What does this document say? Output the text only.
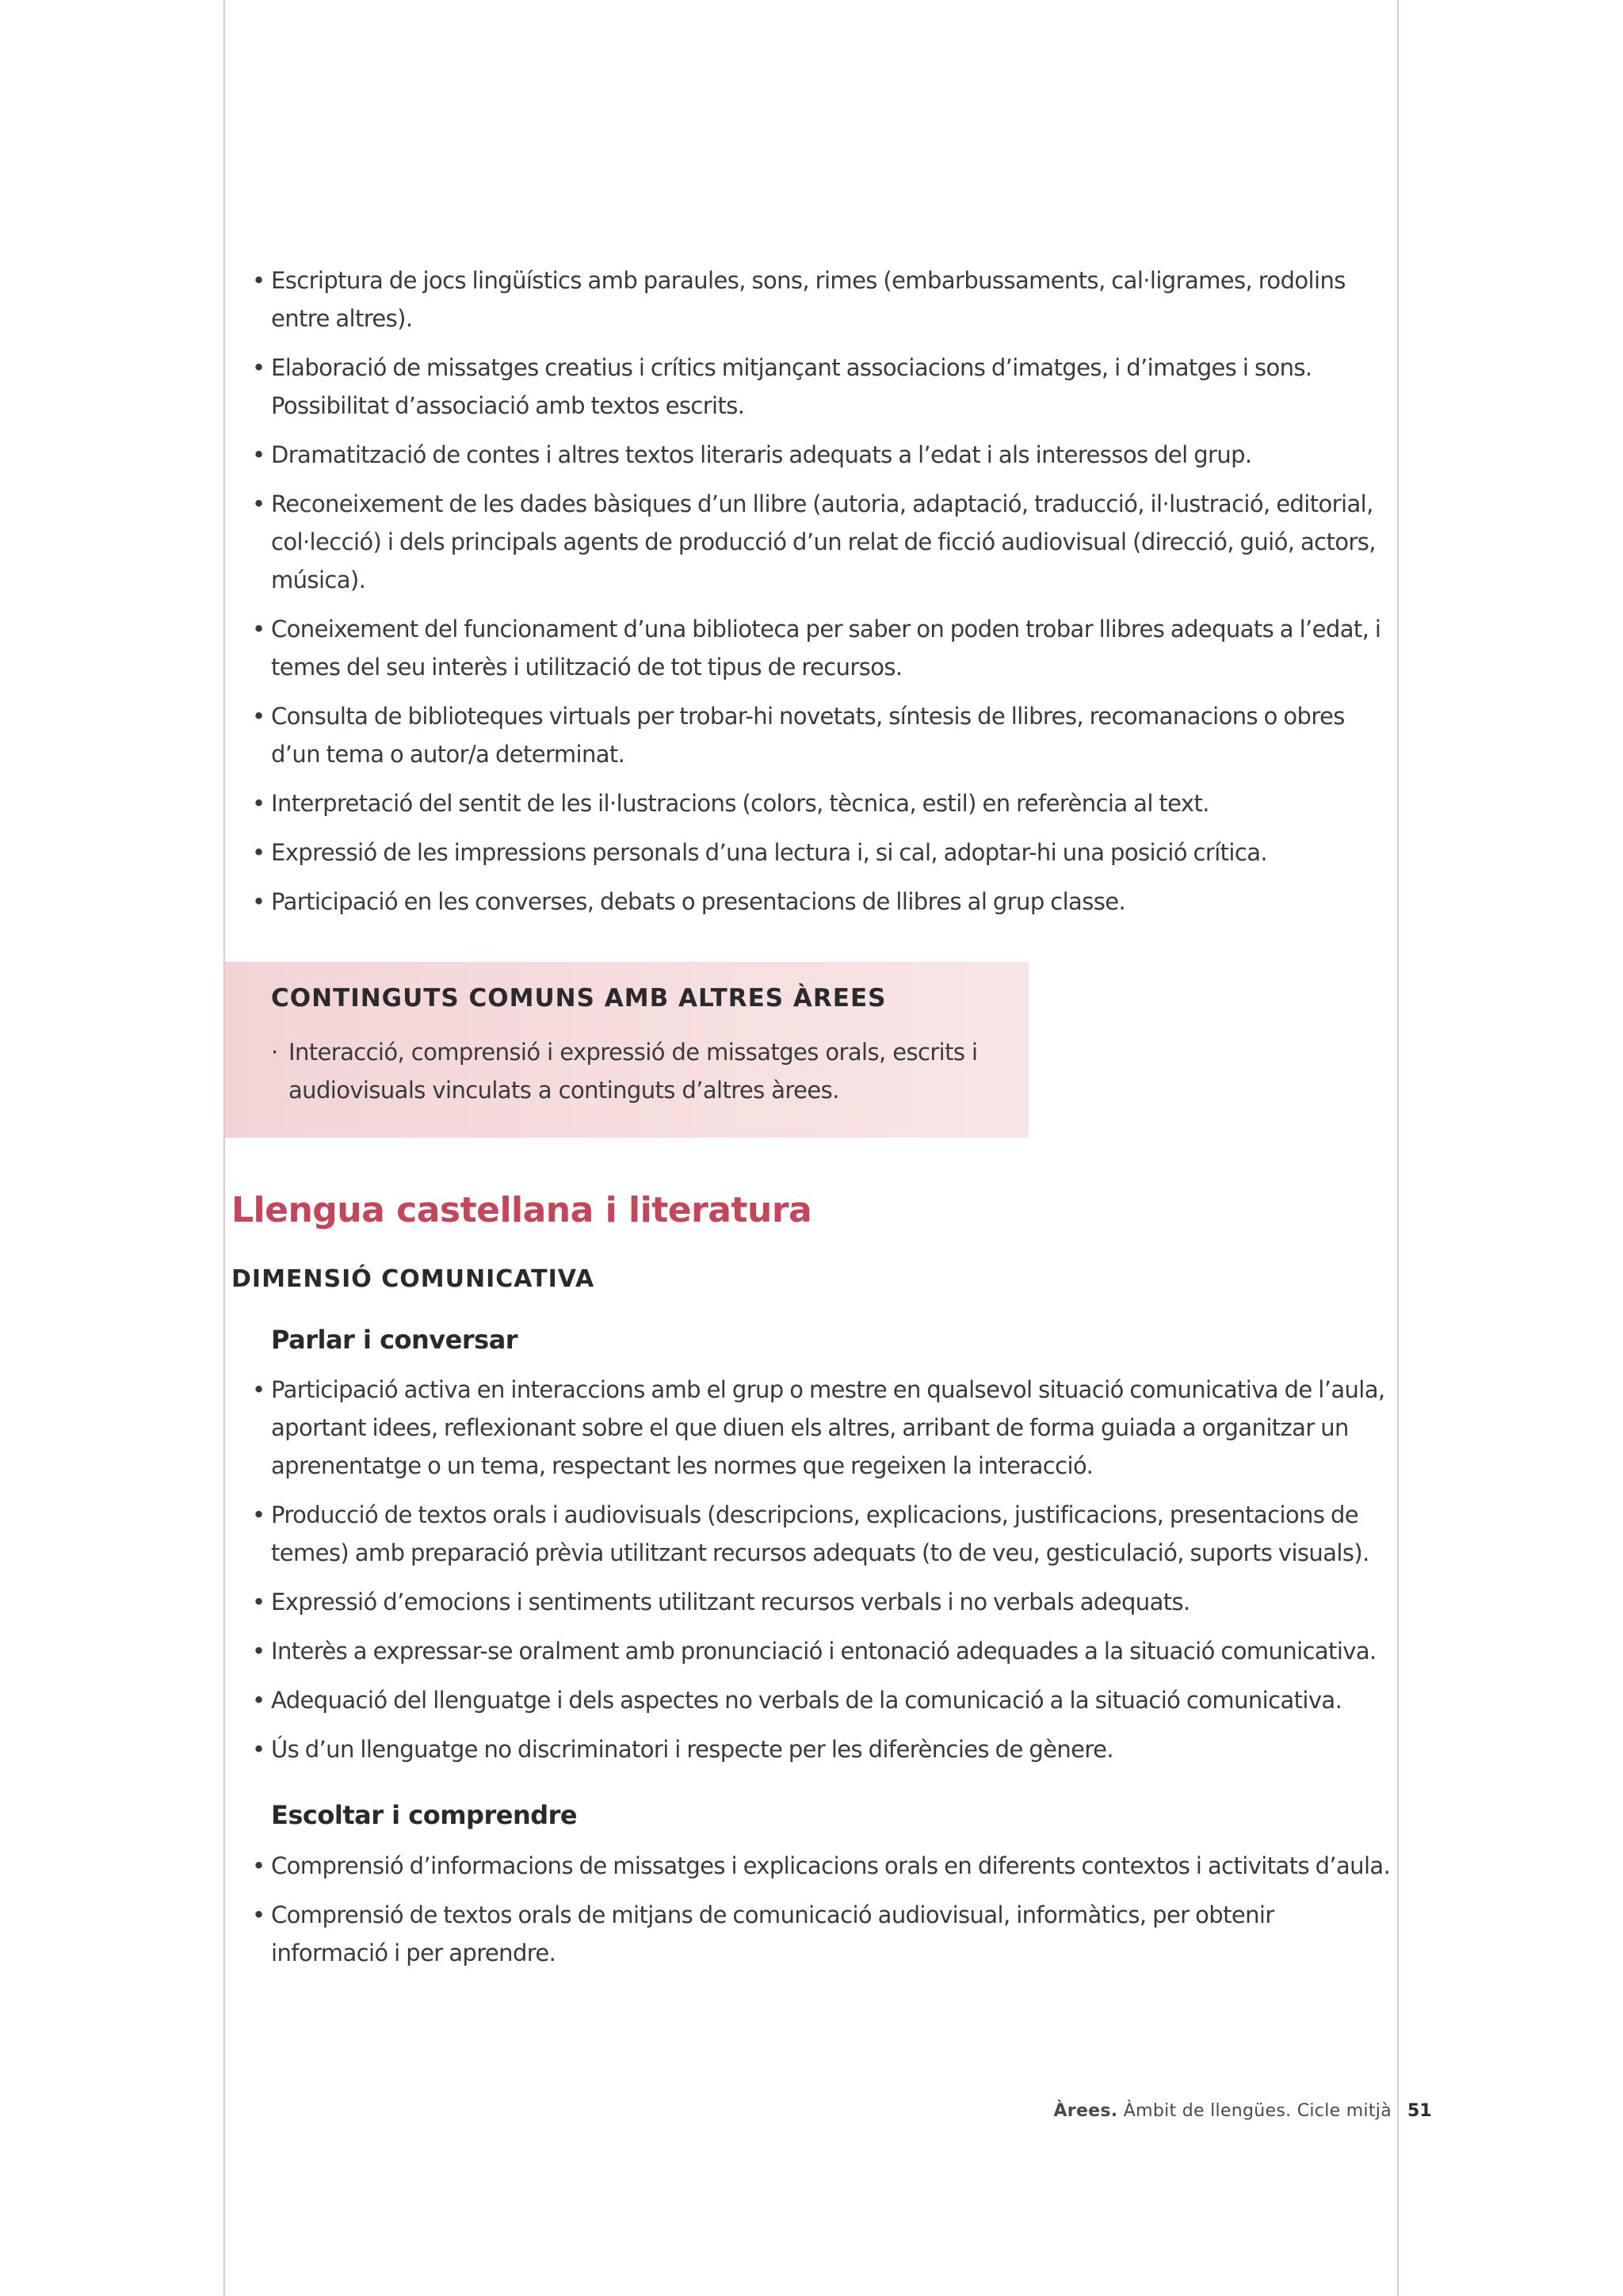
• Escriptura de jocs lingüístics amb paraules, sons, rimes (embarbussaments, cal·ligrames, rodolins entre altres).
• Elaboració de missatges creatius i crítics mitjançant associacions d’imatges, i d’imatges i sons. Possibilitat d’associació amb textos escrits.
• Dramatització de contes i altres textos literaris adequats a l’edat i als interessos del grup.
• Reconeixement de les dades bàsiques d’un llibre (autoria, adaptació, traducció, il·lustració, editorial, col·lecció) i dels principals agents de producció d’un relat de ficció audiovisual (direcció, guió, actors, música).
• Coneixement del funcionament d’una biblioteca per saber on poden trobar llibres adequats a l’edat, i temes del seu interès i utilització de tot tipus de recursos.
• Consulta de biblioteques virtuals per trobar-hi novetats, síntesis de llibres, recomanacions o obres d’un tema o autor/a determinat.
• Interpretació del sentit de les il·lustracions (colors, tècnica, estil) en referència al text.
• Expressió de les impressions personals d’una lectura i, si cal, adoptar-hi una posició crítica.
• Participació en les converses, debats o presentacions de llibres al grup classe.
CONTINGUTS COMUNS AMB ALTRES ÀREES
· Interacció, comprensió i expressió de missatges orals, escrits i audiovisuals vinculats a continguts d’altres àrees.
Llengua castellana i literatura
DIMENSIÓ COMUNICATIVA
Parlar i conversar
• Participació activa en interaccions amb el grup o mestre en qualsevol situació comunicativa de l’aula, aportant idees, reflexionant sobre el que diuen els altres, arribant de forma guiada a organitzar un aprenentatge o un tema, respectant les normes que regeixen la interacció.
• Producció de textos orals i audiovisuals (descripcions, explicacions, justificacions, presentacions de temes) amb preparació prèvia utilitzant recursos adequats (to de veu, gesticulació, suports visuals).
• Expressió d’emocions i sentiments utilitzant recursos verbals i no verbals adequats.
• Interès a expressar-se oralment amb pronunciació i entonació adequades a la situació comunicativa.
• Adequació del llenguatge i dels aspectes no verbals de la comunicació a la situació comunicativa.
• Ús d’un llenguatge no discriminatori i respecte per les diferències de gènere.
Escoltar i comprendre
• Comprensió d’informacions de missatges i explicacions orals en diferents contextos i activitats d’aula.
• Comprensió de textos orals de mitjans de comunicació audiovisual, informàtics, per obtenir informació i per aprendre.
Àrees. Àmbit de llengües. Cicle mitjà 51
